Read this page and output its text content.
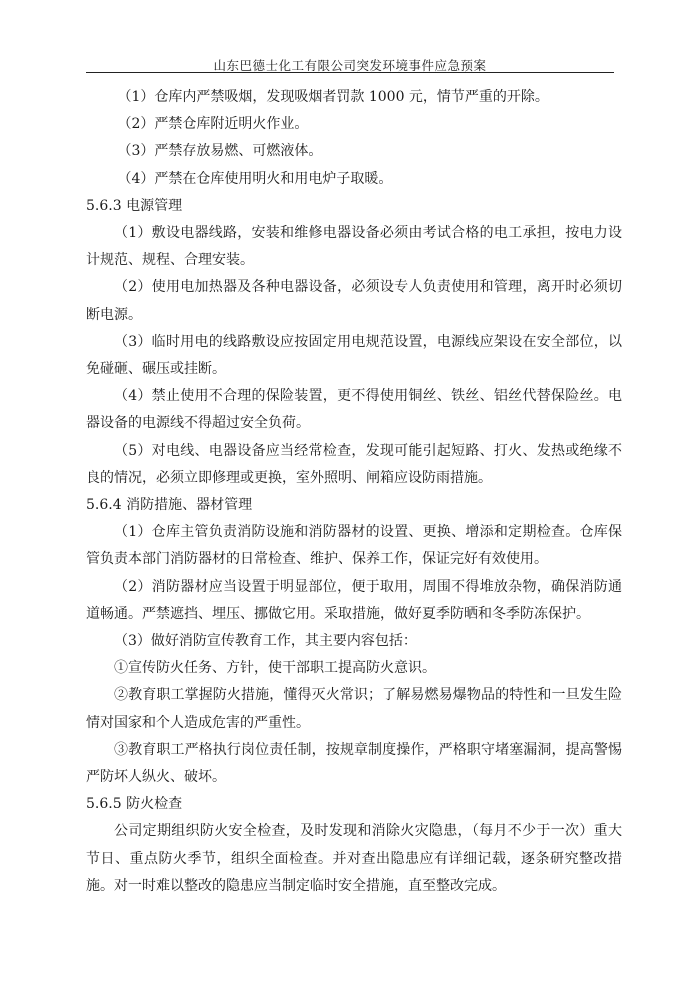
山东巴德士化工有限公司突发环境事件应急预案

（1）仓库内严禁吸烟，发现吸烟者罚款 1000 元，情节严重的开除。

（2）严禁仓库附近明火作业。

（3）严禁存放易燃、可燃液体。

（4）严禁在仓库使用明火和用电炉子取暖。

5.6.3 电源管理

（1）敷设电器线路，安装和维修电器设备必须由考试合格的电工承担，按电力设计规范、规程、合理安装。

（2）使用电加热器及各种电器设备，必须设专人负责使用和管理，离开时必须切断电源。

（3）临时用电的线路敷设应按固定用电规范设置，电源线应架设在安全部位，以免碰砸、碾压或挂断。

（4）禁止使用不合理的保险装置，更不得使用铜丝、铁丝、铝丝代替保险丝。电器设备的电源线不得超过安全负荷。

（5）对电线、电器设备应当经常检查，发现可能引起短路、打火、发热或绝缘不良的情况，必须立即修理或更换，室外照明、闸箱应设防雨措施。

5.6.4 消防措施、器材管理

（1）仓库主管负责消防设施和消防器材的设置、更换、增添和定期检查。仓库保管负责本部门消防器材的日常检查、维护、保养工作，保证完好有效使用。

（2）消防器材应当设置于明显部位，便于取用，周围不得堆放杂物，确保消防通道畅通。严禁遮挡、埋压、挪做它用。采取措施，做好夏季防晒和冬季防冻保护。

（3）做好消防宣传教育工作，其主要内容包括：

①宣传防火任务、方针，使干部职工提高防火意识。

②教育职工掌握防火措施，懂得灭火常识；了解易燃易爆物品的特性和一旦发生险情对国家和个人造成危害的严重性。

③教育职工严格执行岗位责任制，按规章制度操作，严格职守堵塞漏洞，提高警惕严防坏人纵火、破坏。

5.6.5 防火检查

公司定期组织防火安全检查，及时发现和消除火灾隐患，（每月不少于一次）重大节日、重点防火季节，组织全面检查。并对查出隐患应有详细记载，逐条研究整改措施。对一时难以整改的隐患应当制定临时安全措施，直至整改完成。
